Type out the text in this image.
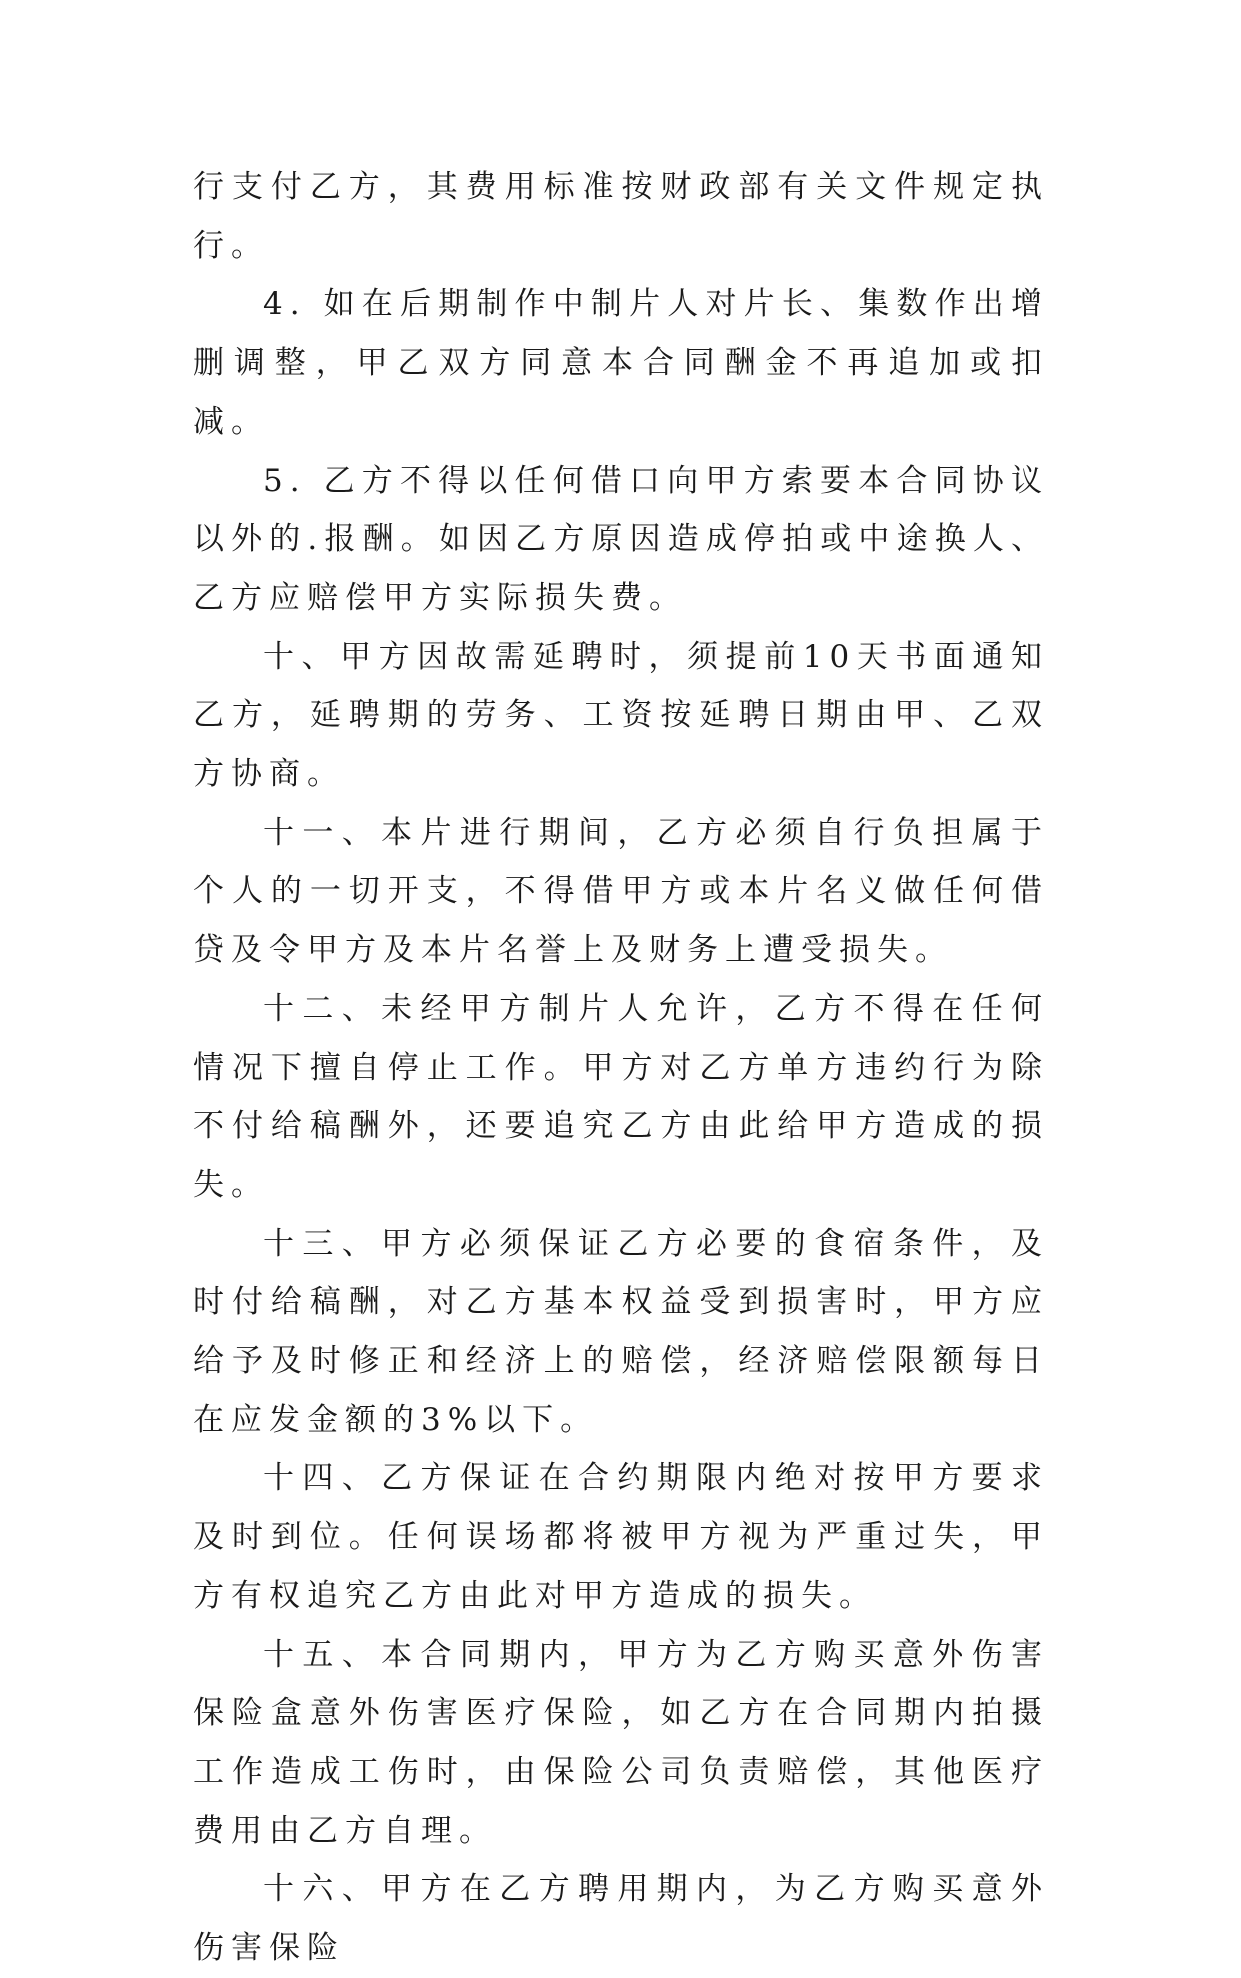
行支付乙方，其费用标准按财政部有关文件规定执行。

4. 如在后期制作中制片人对片长、集数作出增删调整，甲乙双方同意本合同酬金不再追加或扣减。

5. 乙方不得以任何借口向甲方索要本合同协议以外的.报酬。如因乙方原因造成停拍或中途换人、乙方应赔偿甲方实际损失费。

十、甲方因故需延聘时，须提前10天书面通知乙方，延聘期的劳务、工资按延聘日期由甲、乙双方协商。

十一、本片进行期间，乙方必须自行负担属于个人的一切开支，不得借甲方或本片名义做任何借贷及令甲方及本片名誉上及财务上遭受损失。

十二、未经甲方制片人允许，乙方不得在任何情况下擅自停止工作。甲方对乙方单方违约行为除不付给稿酬外，还要追究乙方由此给甲方造成的损失。

十三、甲方必须保证乙方必要的食宿条件，及时付给稿酬，对乙方基本权益受到损害时，甲方应给予及时修正和经济上的赔偿，经济赔偿限额每日在应发金额的3%以下。

十四、乙方保证在合约期限内绝对按甲方要求及时到位。任何误场都将被甲方视为严重过失，甲方有权追究乙方由此对甲方造成的损失。

十五、本合同期内，甲方为乙方购买意外伤害保险盒意外伤害医疗保险，如乙方在合同期内拍摄工作造成工伤时，由保险公司负责赔偿，其他医疗费用由乙方自理。

十六、甲方在乙方聘用期内，为乙方购买意外伤害保险
